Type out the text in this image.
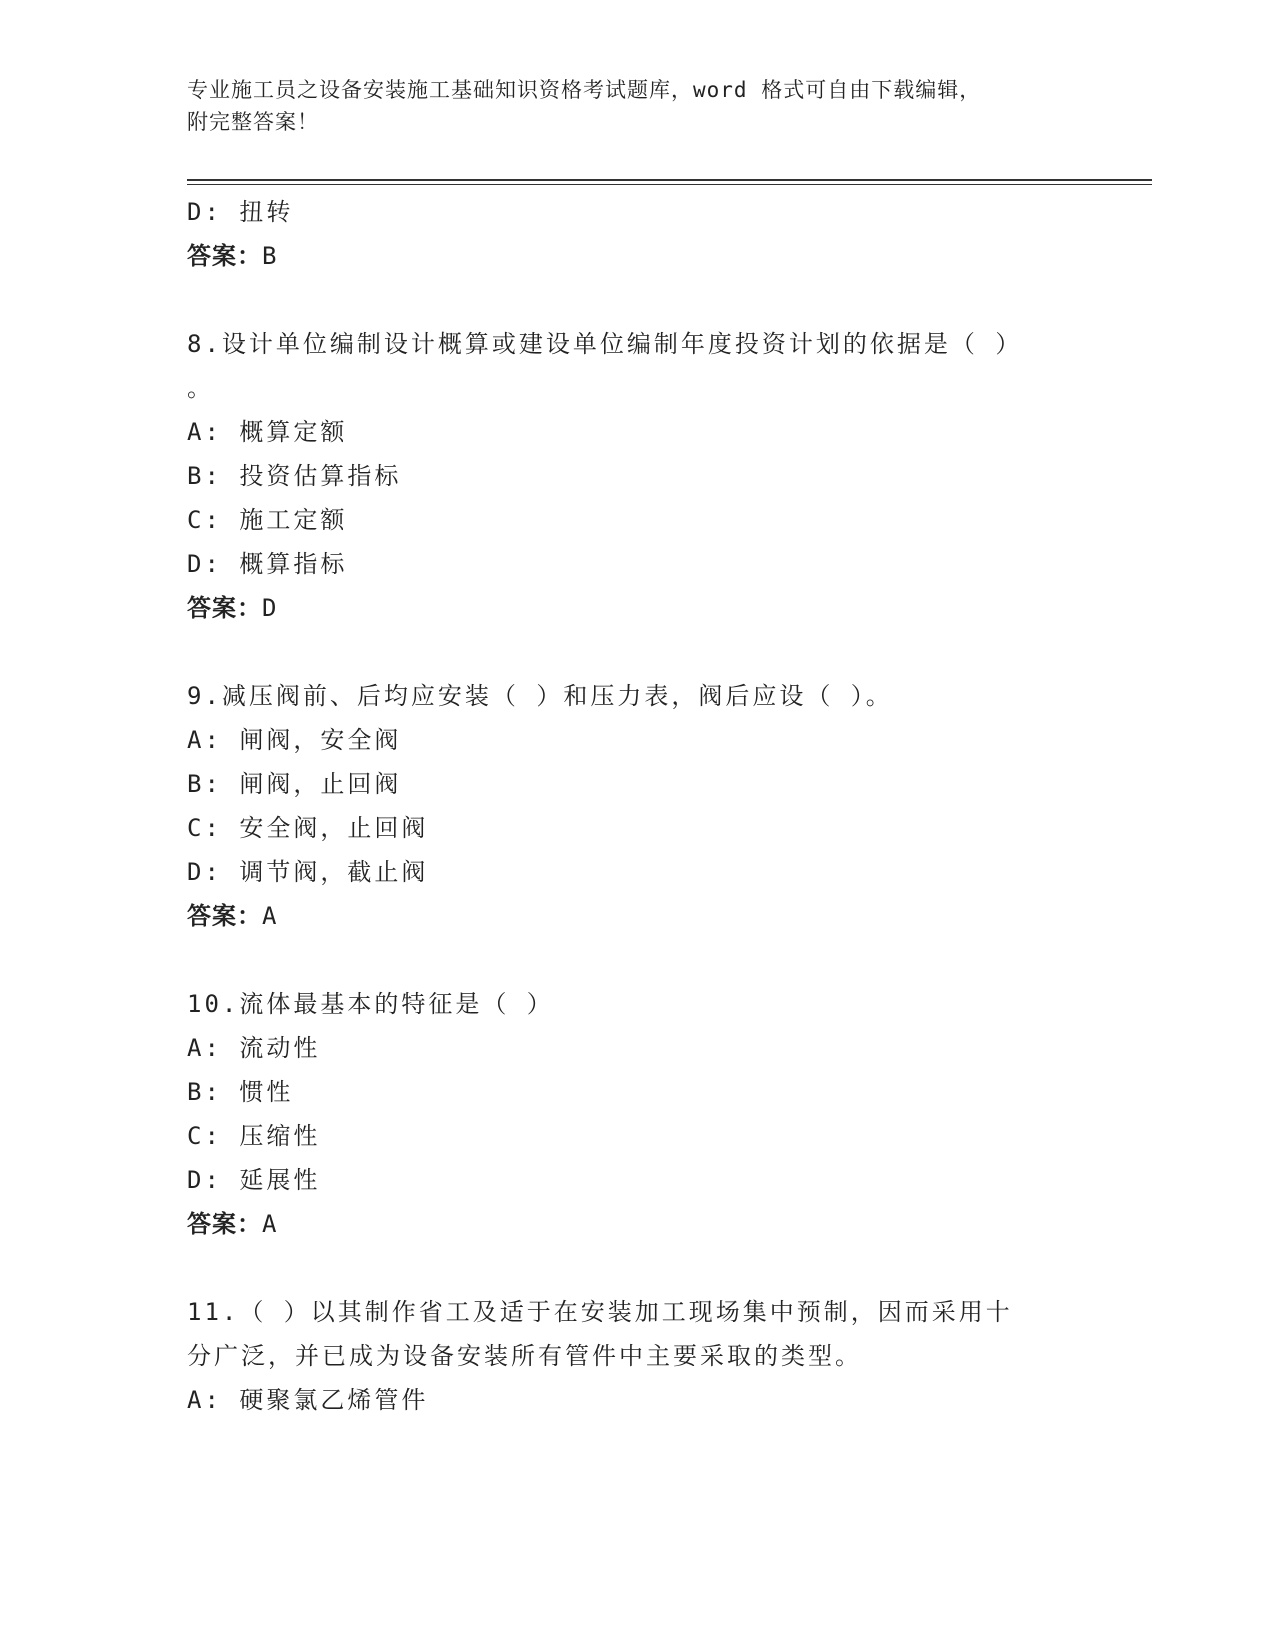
专业施工员之设备安装施工基础知识资格考试题库，word 格式可自由下载编辑，
附完整答案！
D: 扭转
答案：B
8.设计单位编制设计概算或建设单位编制年度投资计划的依据是（ ）
。
A: 概算定额
B: 投资估算指标
C: 施工定额
D: 概算指标
答案：D
9.减压阀前、后均应安装（ ）和压力表，阀后应设（ ）。
A: 闸阀，安全阀
B: 闸阀，止回阀
C: 安全阀，止回阀
D: 调节阀，截止阀
答案：A
10.流体最基本的特征是（ ）
A: 流动性
B: 惯性
C: 压缩性
D: 延展性
答案：A
11.（ ）以其制作省工及适于在安装加工现场集中预制，因而采用十
分广泛，并已成为设备安装所有管件中主要采取的类型。
A: 硬聚氯乙烯管件
